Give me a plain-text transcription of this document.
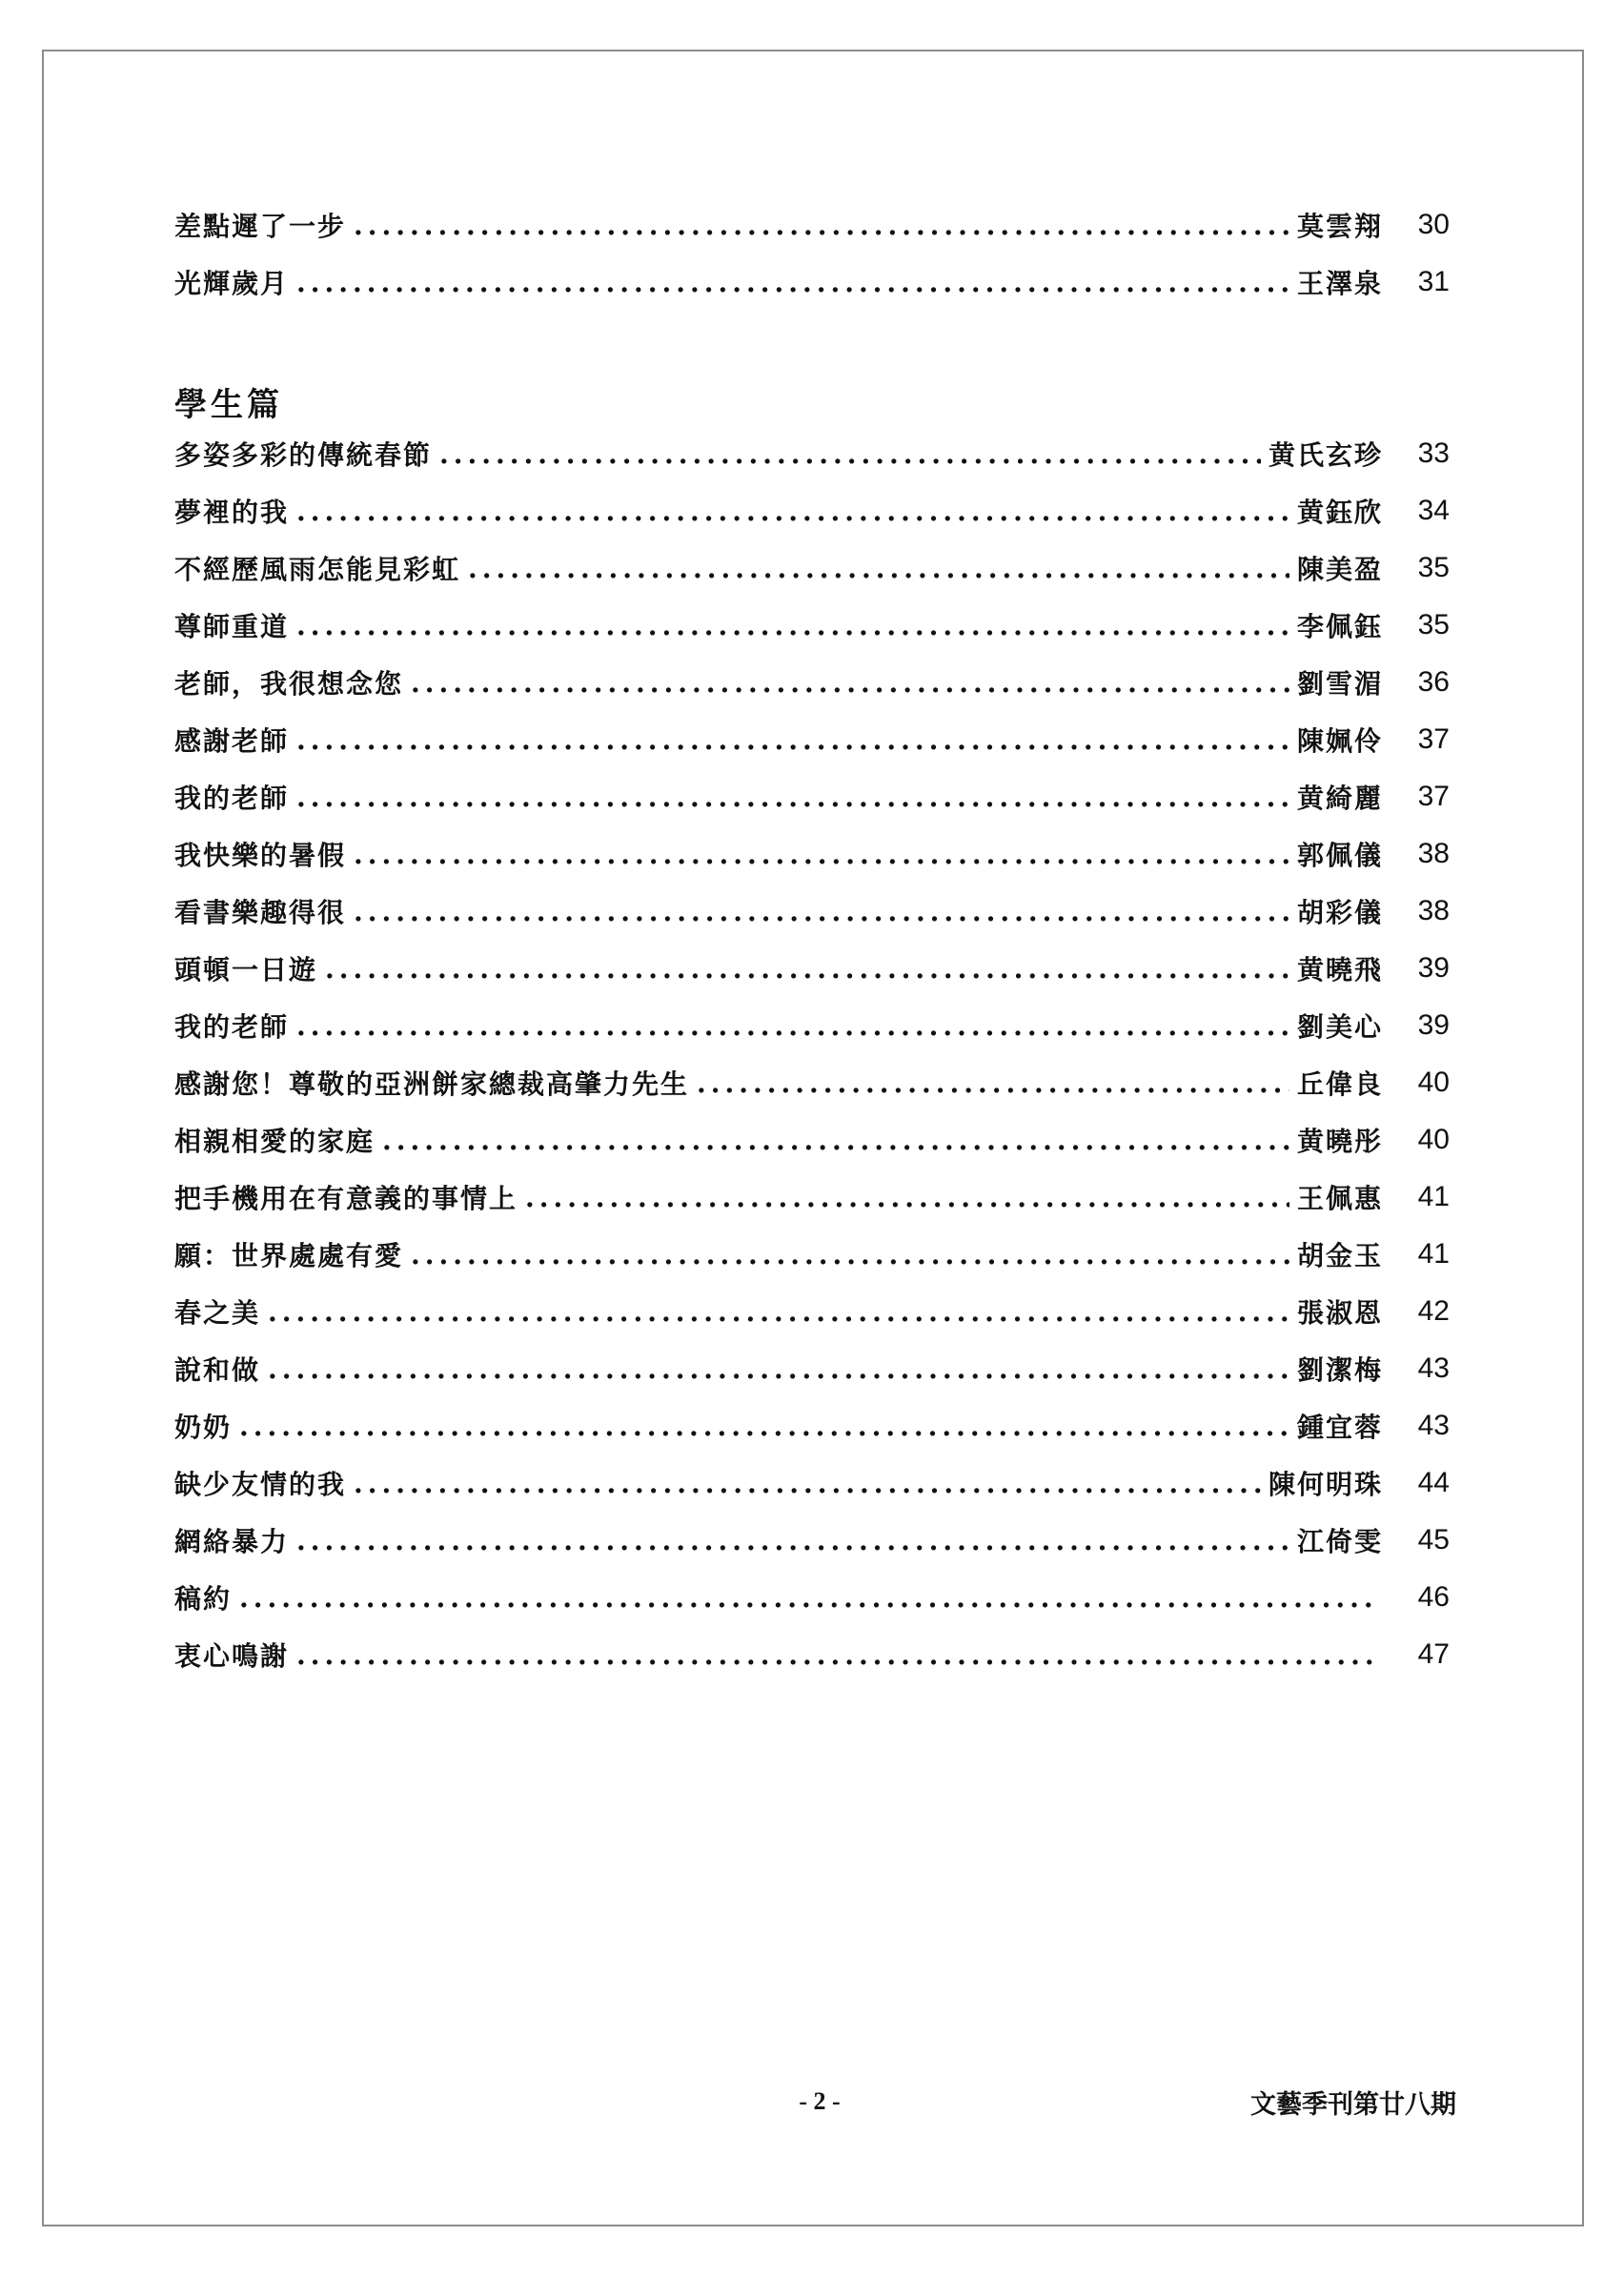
差點遲了一步 .....	莫雲翔	30
光輝歲月 .....	王澤泉	31
學生篇
多姿多彩的傳統春節 .....	黄氏玄珍	33
夢裡的我 .....	黄鈺欣	34
不經歷風雨怎能見彩虹 .....	陳美盈	35
尊師重道 .....	李佩鈺	35
老師，我很想念您 .....	劉雪湄	36
感謝老師 .....	陳姵伶	37
我的老師 .....	黄綺麗	37
我快樂的暑假 .....	郭佩儀	38
看書樂趣得很 .....	胡彩儀	38
頭頓一日遊 .....	黄曉飛	39
我的老師 .....	劉美心	39
感謝您！尊敬的亞洲餅家總裁高肇力先生 .....	丘偉良	40
相親相愛的家庭 .....	黄曉彤	40
把手機用在有意義的事情上 .....	王佩惠	41
願：世界處處有愛 .....	胡金玉	41
春之美 .....	張淑恩	42
說和做 .....	劉潔梅	43
奶奶 .....	鍾宜蓉	43
缺少友情的我 .....	陳何明珠	44
網絡暴力 .....	江倚雯	45
稿約 .....	46
衷心鳴謝 .....	47
- 2 -	文藝季刊第廿八期
